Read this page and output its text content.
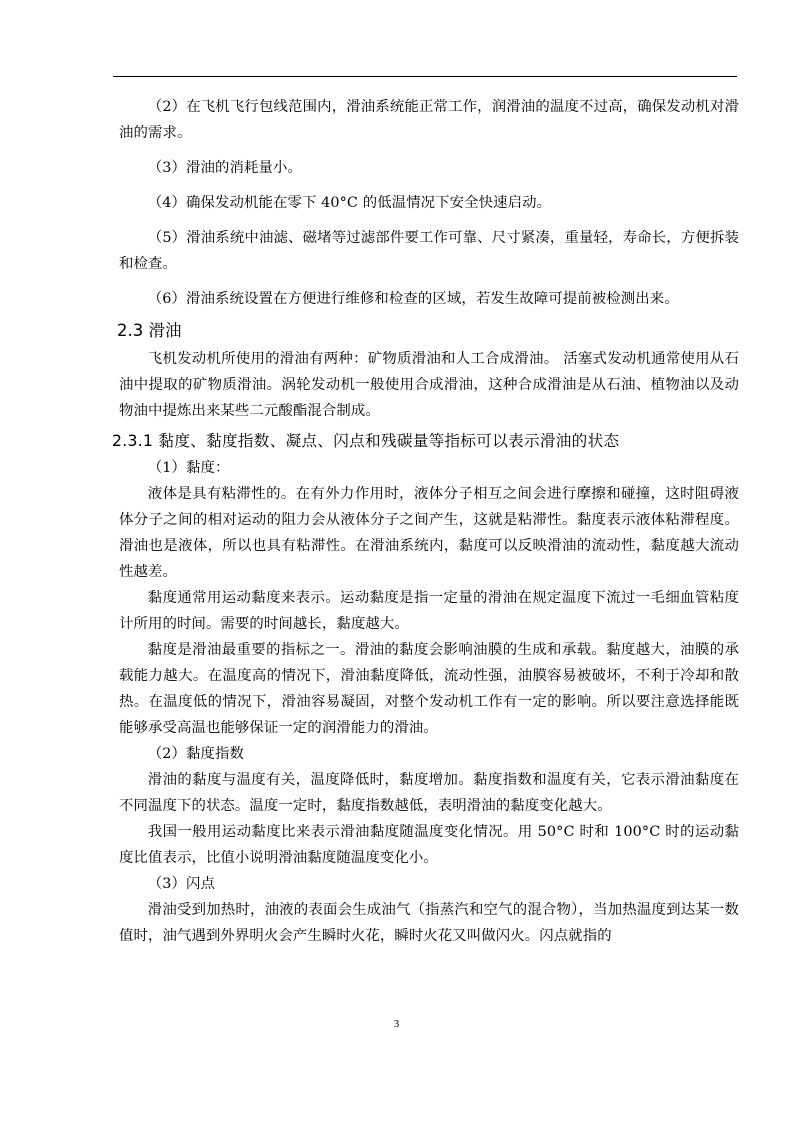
（2）在飞机飞行包线范围内，滑油系统能正常工作，润滑油的温度不过高，确保发动机对滑油的需求。

（3）滑油的消耗量小。

（4）确保发动机能在零下 40°C 的低温情况下安全快速启动。

（5）滑油系统中油滤、磁堵等过滤部件要工作可靠、尺寸紧凑，重量轻，寿命长，方便拆装和检查。

（6）滑油系统设置在方便进行维修和检查的区域，若发生故障可提前被检测出来。

2.3 滑油

飞机发动机所使用的滑油有两种：矿物质滑油和人工合成滑油。 活塞式发动机通常使用从石油中提取的矿物质滑油。涡轮发动机一般使用合成滑油，这种合成滑油是从石油、植物油以及动物油中提炼出来某些二元酸酯混合制成。

2.3.1 黏度、黏度指数、凝点、闪点和残碳量等指标可以表示滑油的状态

（1）黏度：

液体是具有粘滞性的。在有外力作用时，液体分子相互之间会进行摩擦和碰撞，这时阻碍液体分子之间的相对运动的阻力会从液体分子之间产生，这就是粘滞性。黏度表示液体粘滞程度。滑油也是液体，所以也具有粘滞性。在滑油系统内，黏度可以反映滑油的流动性，黏度越大流动性越差。

黏度通常用运动黏度来表示。运动黏度是指一定量的滑油在规定温度下流过一毛细血管粘度计所用的时间。需要的时间越长，黏度越大。

黏度是滑油最重要的指标之一。滑油的黏度会影响油膜的生成和承载。黏度越大，油膜的承载能力越大。在温度高的情况下，滑油黏度降低，流动性强，油膜容易被破坏，不利于冷却和散热。在温度低的情况下，滑油容易凝固，对整个发动机工作有一定的影响。所以要注意选择能既能够承受高温也能够保证一定的润滑能力的滑油。

（2）黏度指数

滑油的黏度与温度有关，温度降低时，黏度增加。黏度指数和温度有关，它表示滑油黏度在不同温度下的状态。温度一定时，黏度指数越低，表明滑油的黏度变化越大。

我国一般用运动黏度比来表示滑油黏度随温度变化情况。用 50°C 时和 100°C 时的运动黏度比值表示，比值小说明滑油黏度随温度变化小。

（3）闪点

滑油受到加热时，油液的表面会生成油气（指蒸汽和空气的混合物），当加热温度到达某一数值时，油气遇到外界明火会产生瞬时火花，瞬时火花又叫做闪火。闪点就指的

3
